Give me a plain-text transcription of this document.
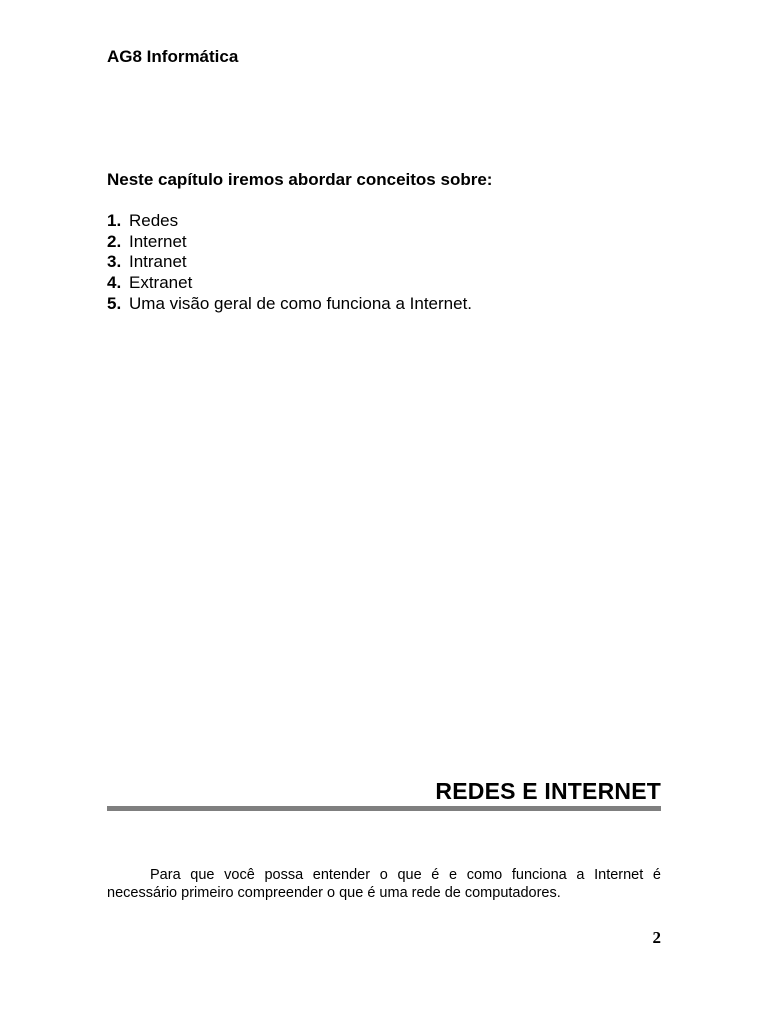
AG8 Informática
Neste capítulo iremos abordar conceitos sobre:
1. Redes
2. Internet
3. Intranet
4. Extranet
5. Uma visão geral de como funciona a Internet.
REDES E INTERNET

Para que você possa entender o que é e como funciona a Internet é necessário primeiro compreender o que é uma rede de computadores.

2
